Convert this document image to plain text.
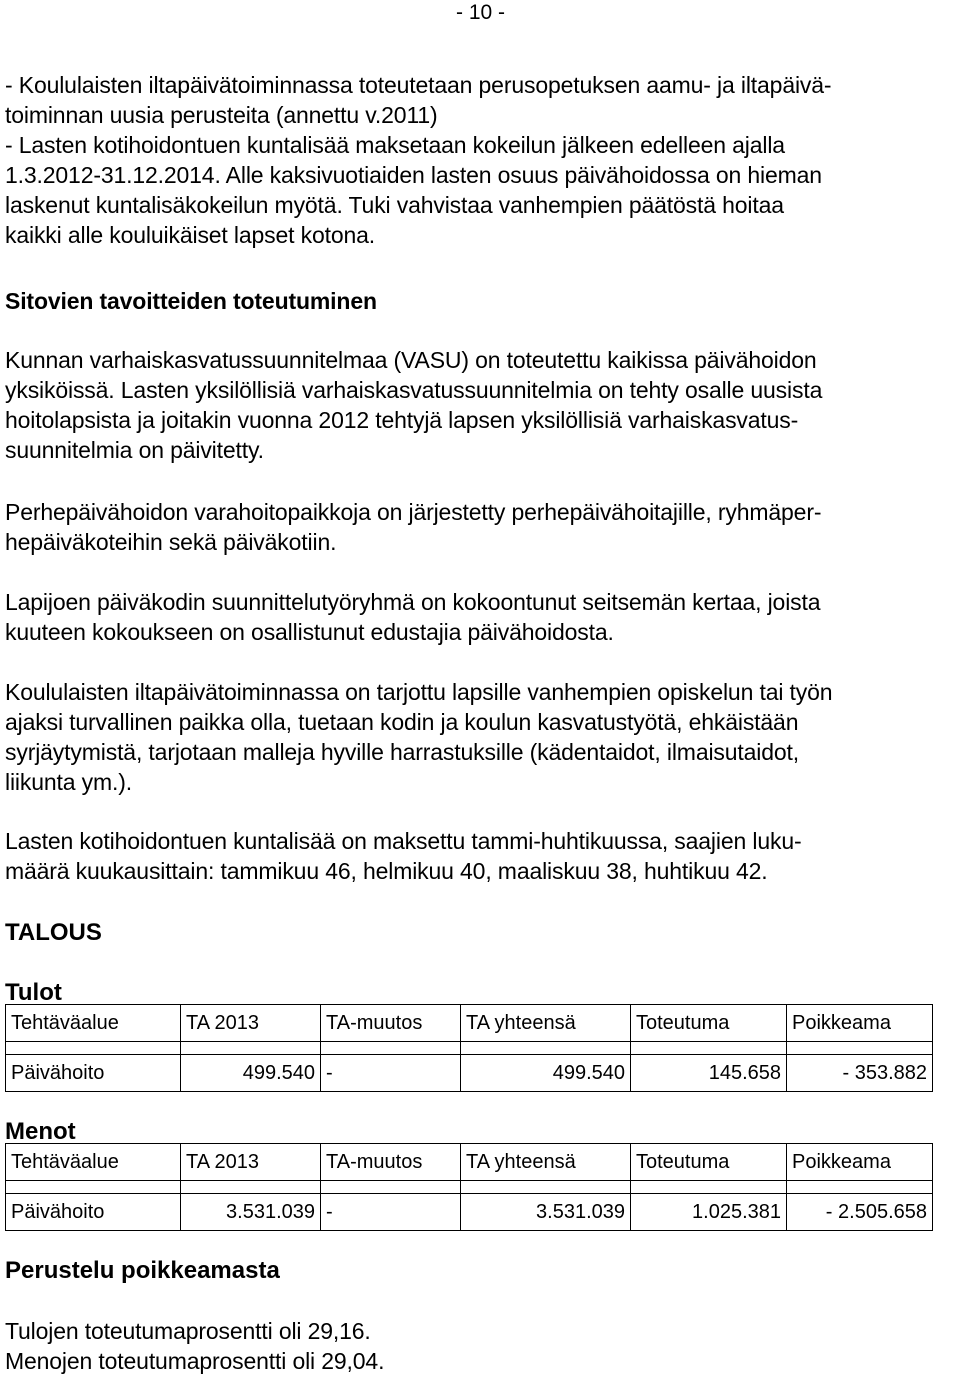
- 10 -
- Koululaisten iltapäivätoiminnassa toteutetaan perusopetuksen aamu- ja iltapäivä-
toiminnan uusia perusteita (annettu v.2011)
- Lasten kotihoidontuen kuntalisää maksetaan kokeilun jälkeen edelleen ajalla
1.3.2012-31.12.2014. Alle kaksivuotiaiden lasten osuus päivähoidossa on hieman
laskenut kuntalisäkokeilun myötä. Tuki vahvistaa vanhempien päätöstä hoitaa
kaikki alle kouluikäiset lapset kotona.
Sitovien tavoitteiden toteutuminen
Kunnan varhaiskasvatussuunnitelmaa (VASU) on toteutettu kaikissa päivähoidon
yksiköissä. Lasten yksilöllisiä varhaiskasvatussuunnitelmia on tehty osalle uusista
hoitolapsista ja joitakin vuonna 2012 tehtyjä lapsen yksilöllisiä varhaiskasvatus-
suunnitelmia on päivitetty.
Perhepäivähoidon varahoitopaikkoja on järjestetty perhepäivähoitajille, ryhmäper-
hepäiväkoteihin sekä päiväkotiin.
Lapijoen päiväkodin suunnittelutyöryhmä on kokoontunut seitsemän kertaa, joista
kuuteen kokoukseen on osallistunut edustajia päivähoidosta.
Koululaisten iltapäivätoiminnassa on tarjottu lapsille vanhempien opiskelun tai työn
ajaksi turvallinen paikka olla, tuetaan kodin ja koulun kasvatustyötä, ehkäistään
syrjäytymistä, tarjotaan malleja hyville harrastuksille (kädentaidot, ilmaisutaidot,
liikunta ym.).
Lasten kotihoidontuen kuntalisää on maksettu tammi-huhtikuussa, saajien luku-
määrä kuukausittain: tammikuu 46, helmikuu 40, maaliskuu 38, huhtikuu 42.
TALOUS
Tulot
Tehtäväalue	TA 2013	TA-muutos	TA yhteensä	Toteutuma	Poikkeama

Päivähoito	499.540	-	499.540	145.658	- 353.882
Menot
Tehtäväalue	TA 2013	TA-muutos	TA yhteensä	Toteutuma	Poikkeama

Päivähoito	3.531.039	-	3.531.039	1.025.381	- 2.505.658
Perustelu poikkeamasta
Tulojen toteutumaprosentti oli 29,16.
Menojen toteutumaprosentti oli 29,04.
